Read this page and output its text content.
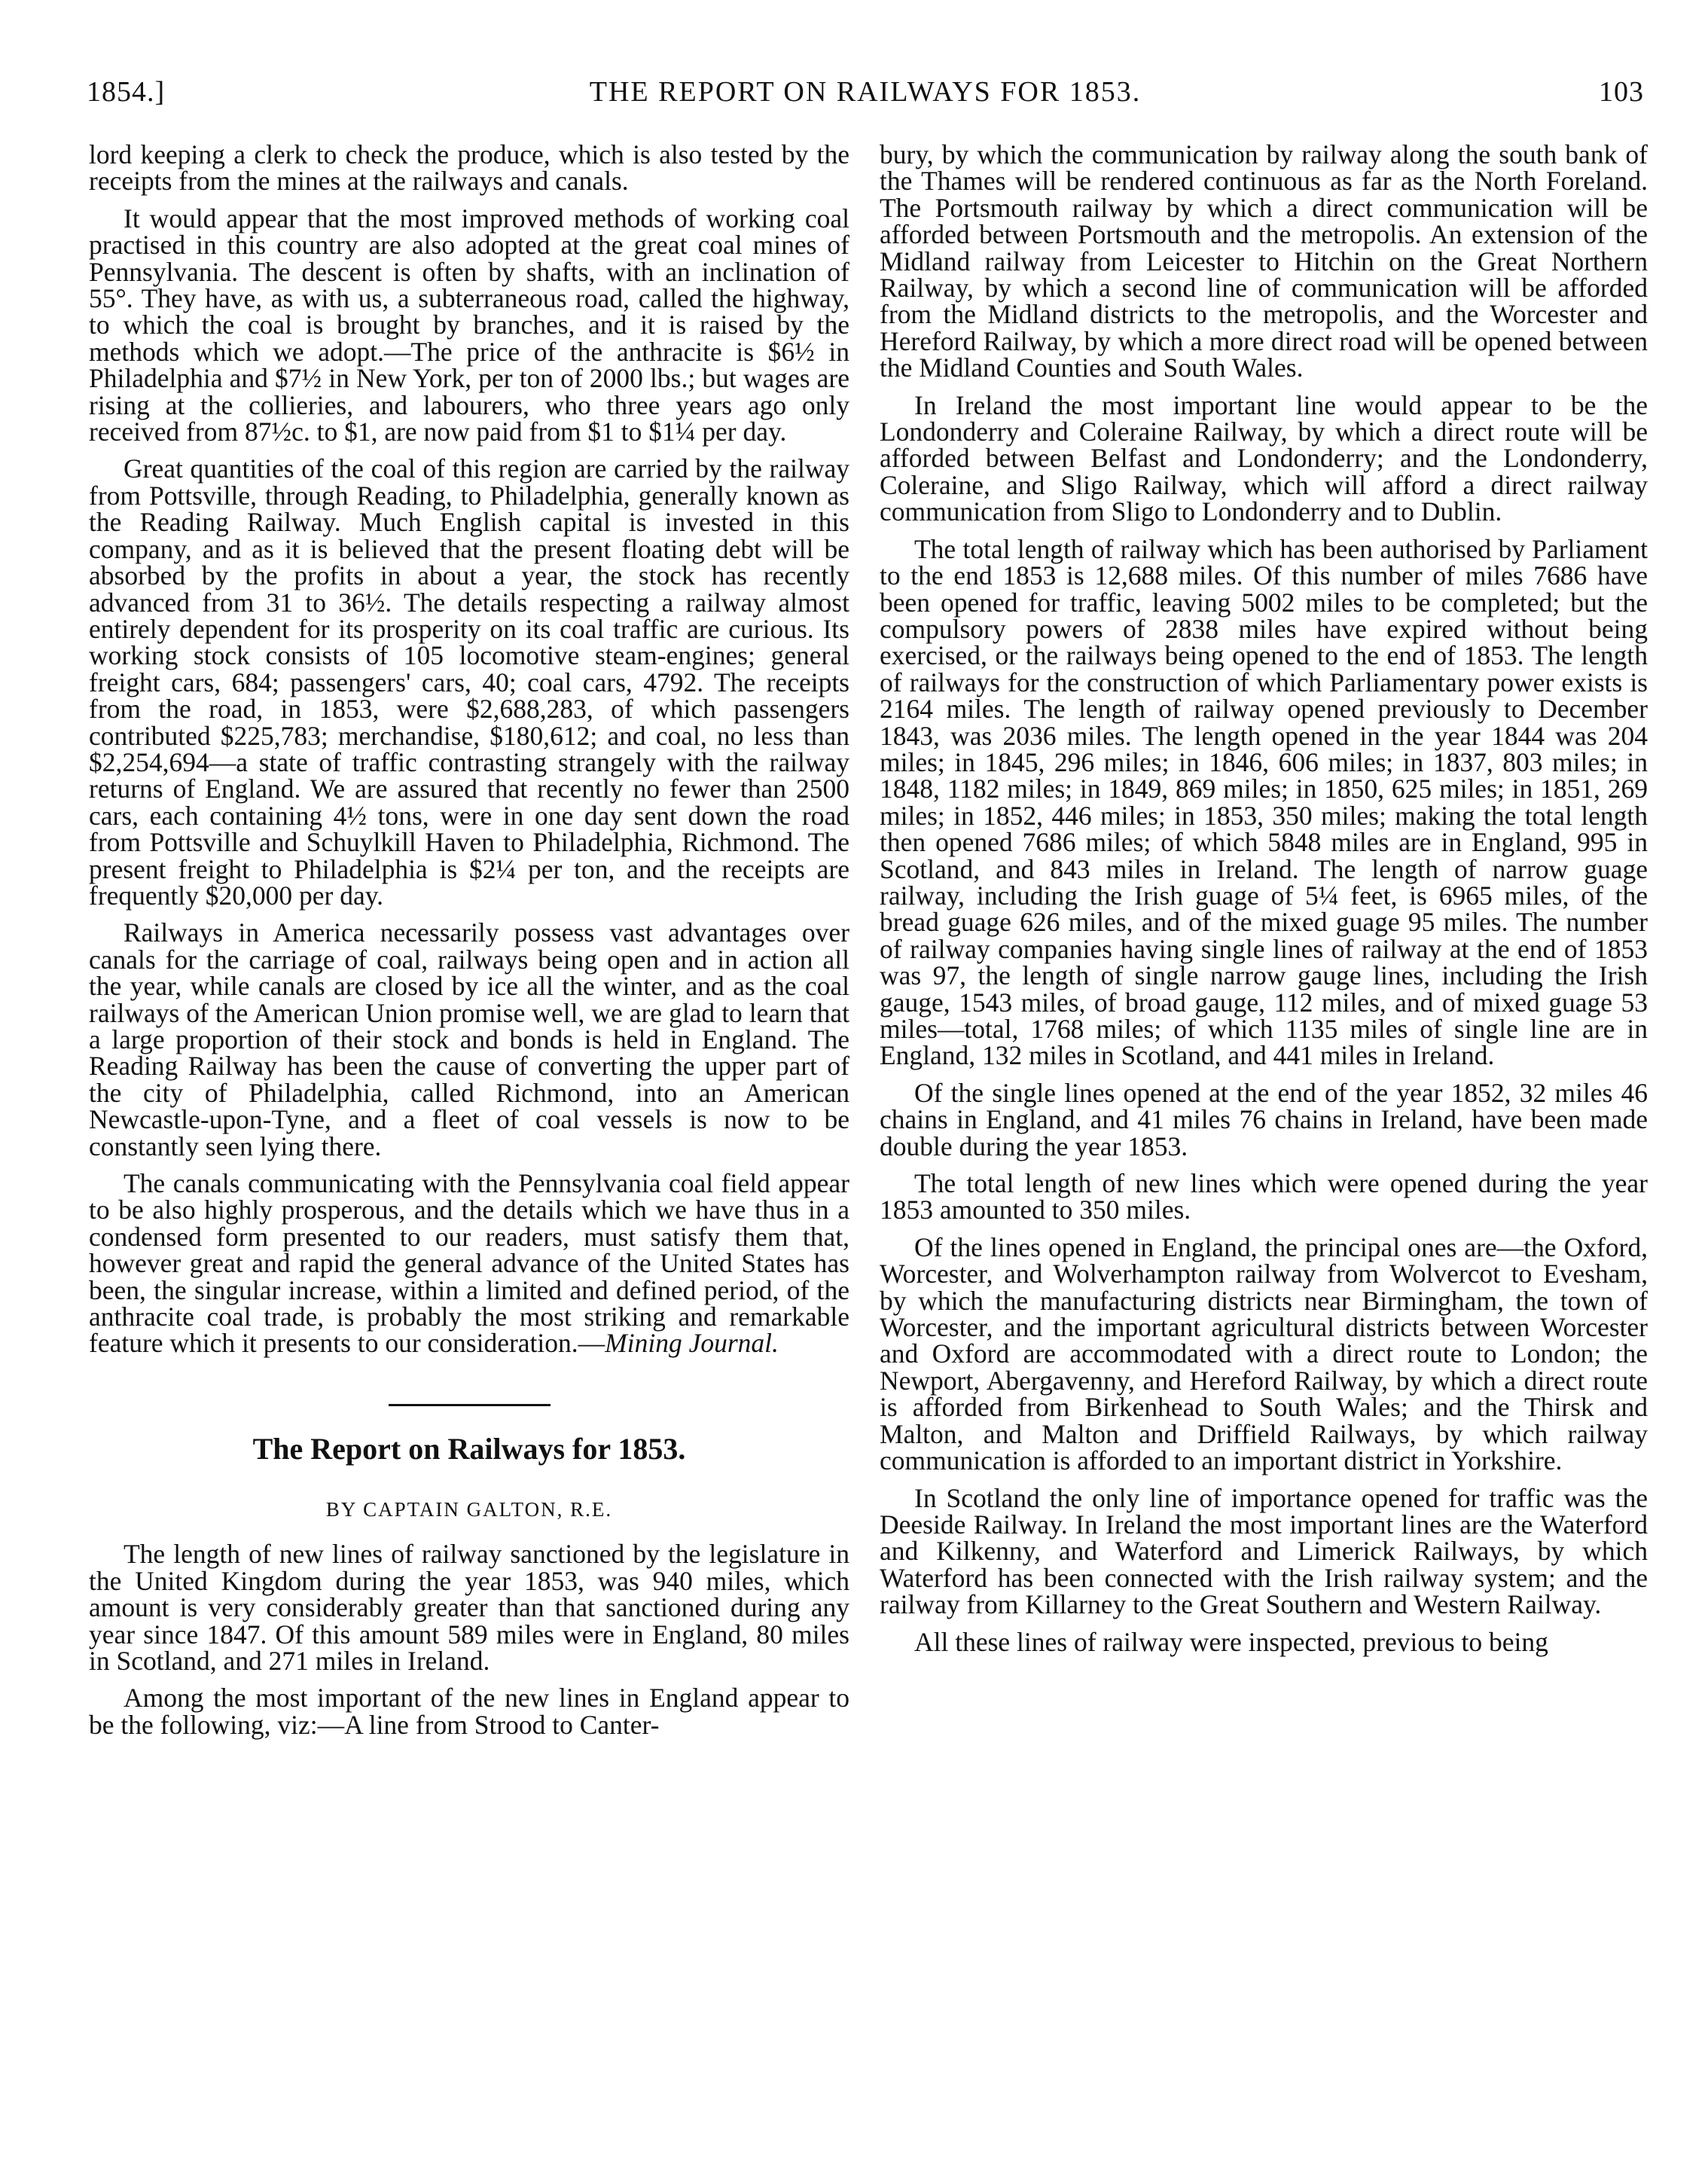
1854.]	THE REPORT ON RAILWAYS FOR 1853.	103

lord keeping a clerk to check the produce, which is also tested by the receipts from the mines at the railways and canals.

It would appear that the most improved methods of working coal practised in this country are also adopted at the great coal mines of Pennsylvania. The descent is often by shafts, with an inclination of 55°. They have, as with us, a subterraneous road, called the highway, to which the coal is brought by branches, and it is raised by the methods which we adopt.—The price of the anthracite is $6½ in Philadelphia and $7½ in New York, per ton of 2000 lbs.; but wages are rising at the collieries, and labourers, who three years ago only received from 87½c. to $1, are now paid from $1 to $1¼ per day.

Great quantities of the coal of this region are carried by the railway from Pottsville, through Reading, to Philadelphia, generally known as the Reading Railway. Much English capital is invested in this company, and as it is believed that the present floating debt will be absorbed by the profits in about a year, the stock has recently advanced from 31 to 36½. The details respecting a railway almost entirely dependent for its prosperity on its coal traffic are curious. Its working stock consists of 105 locomotive steam-engines; general freight cars, 684; passengers' cars, 40; coal cars, 4792. The receipts from the road, in 1853, were $2,688,283, of which passengers contributed $225,783; merchandise, $180,612; and coal, no less than $2,254,694—a state of traffic contrasting strangely with the railway returns of England. We are assured that recently no fewer than 2500 cars, each containing 4½ tons, were in one day sent down the road from Pottsville and Schuylkill Haven to Philadelphia, Richmond. The present freight to Philadelphia is $2¼ per ton, and the receipts are frequently $20,000 per day.

Railways in America necessarily possess vast advantages over canals for the carriage of coal, railways being open and in action all the year, while canals are closed by ice all the winter, and as the coal railways of the American Union promise well, we are glad to learn that a large proportion of their stock and bonds is held in England. The Reading Railway has been the cause of converting the upper part of the city of Philadelphia, called Richmond, into an American Newcastle-upon-Tyne, and a fleet of coal vessels is now to be constantly seen lying there.

The canals communicating with the Pennsylvania coal field appear to be also highly prosperous, and the details which we have thus in a condensed form presented to our readers, must satisfy them that, however great and rapid the general advance of the United States has been, the singular increase, within a limited and defined period, of the anthracite coal trade, is probably the most striking and remarkable feature which it presents to our consideration.—Mining Journal.

The Report on Railways for 1853.
BY CAPTAIN GALTON, R.E.

The length of new lines of railway sanctioned by the legislature in the United Kingdom during the year 1853, was 940 miles, which amount is very considerably greater than that sanctioned during any year since 1847. Of this amount 589 miles were in England, 80 miles in Scotland, and 271 miles in Ireland.

Among the most important of the new lines in England appear to be the following, viz:—A line from Strood to Canter-

bury, by which the communication by railway along the south bank of the Thames will be rendered continuous as far as the North Foreland. The Portsmouth railway by which a direct communication will be afforded between Portsmouth and the metropolis. An extension of the Midland railway from Leicester to Hitchin on the Great Northern Railway, by which a second line of communication will be afforded from the Midland districts to the metropolis, and the Worcester and Hereford Railway, by which a more direct road will be opened between the Midland Counties and South Wales.

In Ireland the most important line would appear to be the Londonderry and Coleraine Railway, by which a direct route will be afforded between Belfast and Londonderry; and the Londonderry, Coleraine, and Sligo Railway, which will afford a direct railway communication from Sligo to Londonderry and to Dublin.

The total length of railway which has been authorised by Parliament to the end 1853 is 12,688 miles. Of this number of miles 7686 have been opened for traffic, leaving 5002 miles to be completed; but the compulsory powers of 2838 miles have expired without being exercised, or the railways being opened to the end of 1853. The length of railways for the construction of which Parliamentary power exists is 2164 miles. The length of railway opened previously to December 1843, was 2036 miles. The length opened in the year 1844 was 204 miles; in 1845, 296 miles; in 1846, 606 miles; in 1837, 803 miles; in 1848, 1182 miles; in 1849, 869 miles; in 1850, 625 miles; in 1851, 269 miles; in 1852, 446 miles; in 1853, 350 miles; making the total length then opened 7686 miles; of which 5848 miles are in England, 995 in Scotland, and 843 miles in Ireland. The length of narrow guage railway, including the Irish guage of 5¼ feet, is 6965 miles, of the bread guage 626 miles, and of the mixed guage 95 miles. The number of railway companies having single lines of railway at the end of 1853 was 97, the length of single narrow gauge lines, including the Irish gauge, 1543 miles, of broad gauge, 112 miles, and of mixed guage 53 miles—total, 1768 miles; of which 1135 miles of single line are in England, 132 miles in Scotland, and 441 miles in Ireland.

Of the single lines opened at the end of the year 1852, 32 miles 46 chains in England, and 41 miles 76 chains in Ireland, have been made double during the year 1853.

The total length of new lines which were opened during the year 1853 amounted to 350 miles.

Of the lines opened in England, the principal ones are—the Oxford, Worcester, and Wolverhampton railway from Wolvercot to Evesham, by which the manufacturing districts near Birmingham, the town of Worcester, and the important agricultural districts between Worcester and Oxford are accommodated with a direct route to London; the Newport, Abergavenny, and Hereford Railway, by which a direct route is afforded from Birkenhead to South Wales; and the Thirsk and Malton, and Malton and Driffield Railways, by which railway communication is afforded to an important district in Yorkshire.

In Scotland the only line of importance opened for traffic was the Deeside Railway. In Ireland the most important lines are the Waterford and Kilkenny, and Waterford and Limerick Railways, by which Waterford has been connected with the Irish railway system; and the railway from Killarney to the Great Southern and Western Railway.

All these lines of railway were inspected, previous to being
